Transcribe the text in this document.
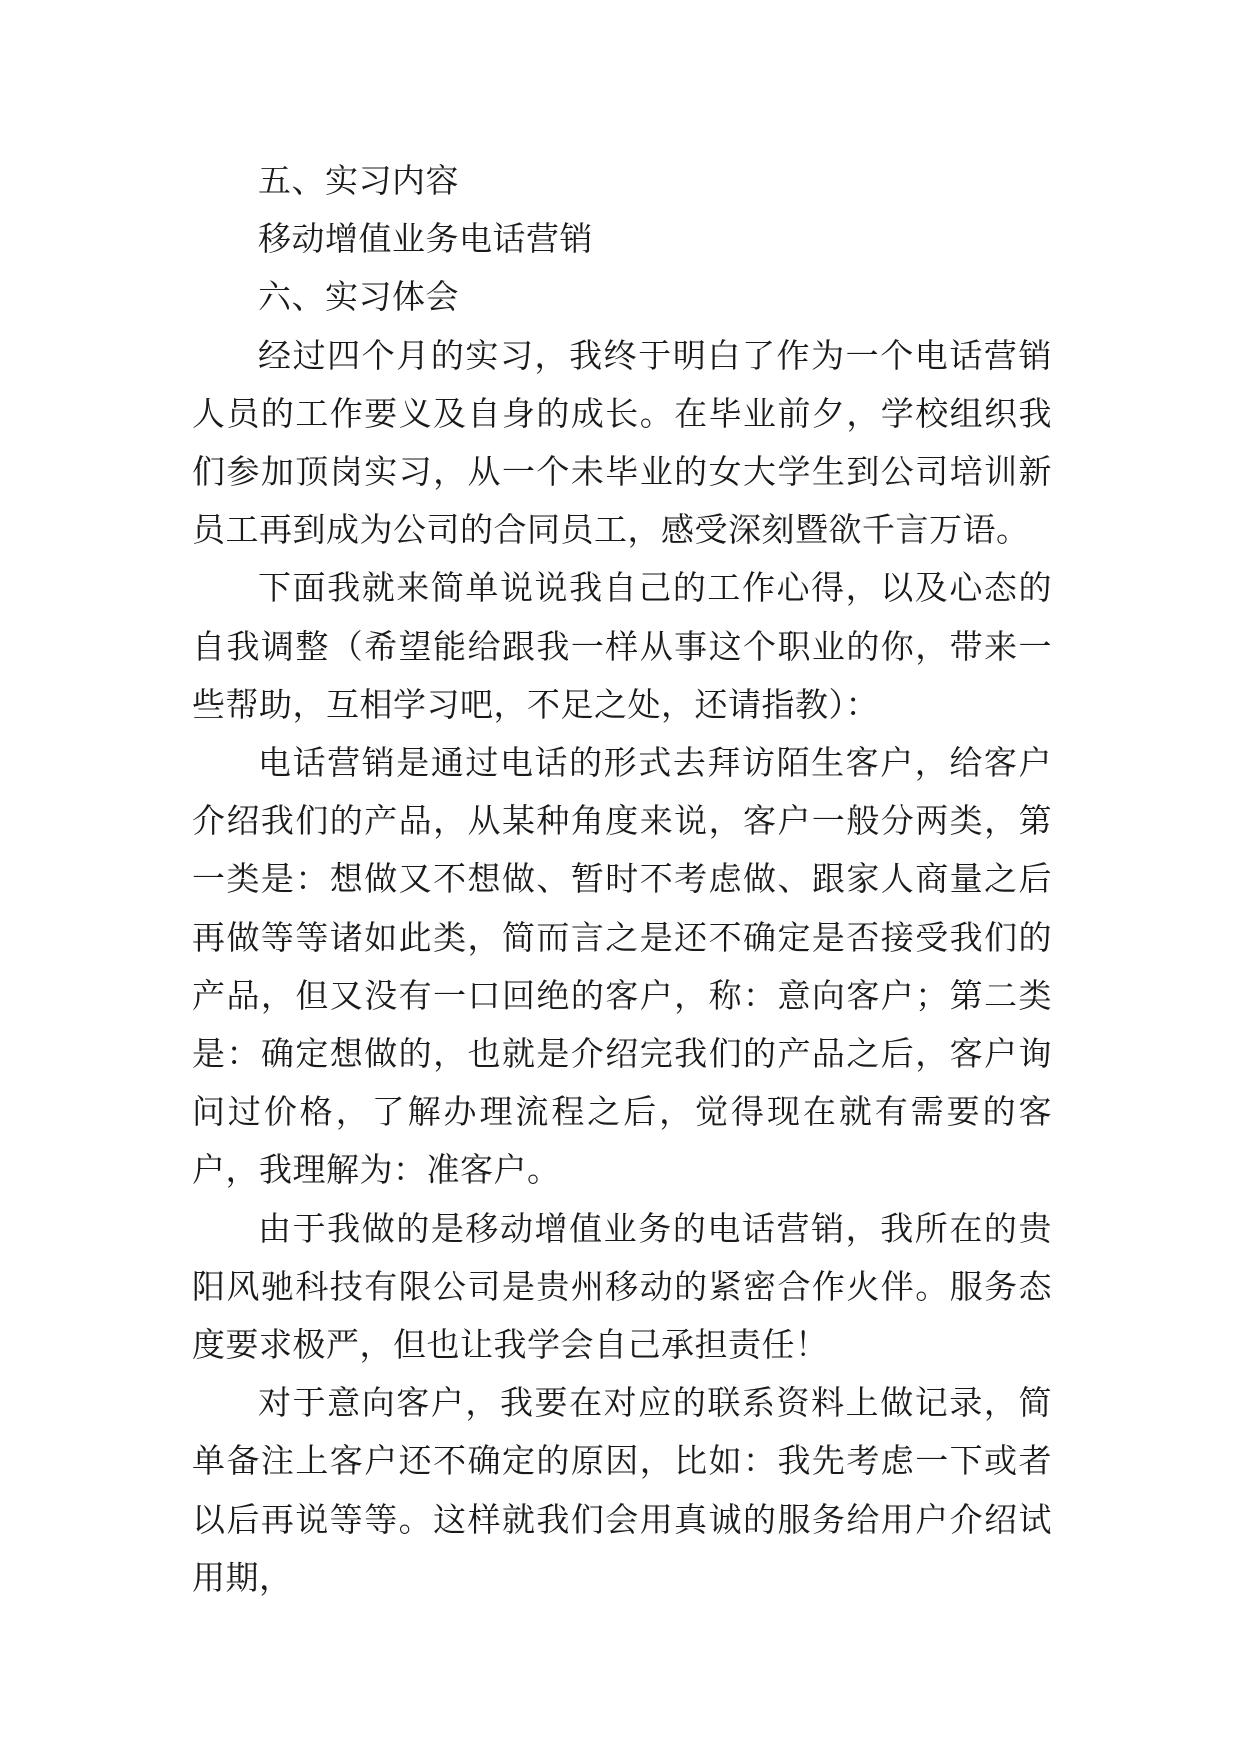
五、实习内容

移动增值业务电话营销

六、实习体会

经过四个月的实习，我终于明白了作为一个电话营销人员的工作要义及自身的成长。在毕业前夕，学校组织我们参加顶岗实习，从一个未毕业的女大学生到公司培训新员工再到成为公司的合同员工，感受深刻暨欲千言万语。

下面我就来简单说说我自己的工作心得，以及心态的自我调整（希望能给跟我一样从事这个职业的你，带来一些帮助，互相学习吧，不足之处，还请指教）：

电话营销是通过电话的形式去拜访陌生客户，给客户介绍我们的产品，从某种角度来说，客户一般分两类，第一类是：想做又不想做、暂时不考虑做、跟家人商量之后再做等等诸如此类，简而言之是还不确定是否接受我们的产品，但又没有一口回绝的客户，称：意向客户；第二类是：确定想做的，也就是介绍完我们的产品之后，客户询问过价格，了解办理流程之后，觉得现在就有需要的客户，我理解为：准客户。

由于我做的是移动增值业务的电话营销，我所在的贵阳风驰科技有限公司是贵州移动的紧密合作火伴。服务态度要求极严，但也让我学会自己承担责任！

对于意向客户，我要在对应的联系资料上做记录，简单备注上客户还不确定的原因，比如：我先考虑一下或者以后再说等等。这样就我们会用真诚的服务给用户介绍试用期，
